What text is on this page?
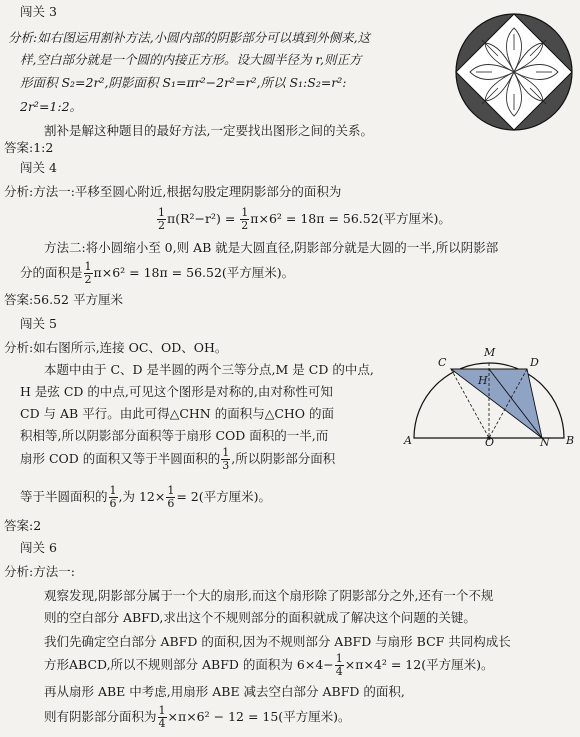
闯关 3
分析:如右图运用割补方法,小圆内部的阴影部分可以填到外侧来,这
样,空白部分就是一个圆的内接正方形。设大圆半径为 r,则正方
形面积 S₂=2r²,阴影面积 S₁=πr²−2r²=r²,所以 S₁:S₂=r²:
2r²=1:2。
割补是解这种题目的最好方法,一定要找出图形之间的关系。
答案:1:2
闯关 4
分析:方法一:平移至圆心附近,根据勾股定理阴影部分的面积为
$\frac{1}{2} \pi(R^2-r^2) = \frac{1}{2} \pi\times 6^2 = 18\pi = 56.52$(平方厘米)。
方法二:将小圆缩小至 0,则 AB 就是大圆直径,阴影部分就是大圆的一半,所以阴影部
分的面积是 $\frac{1}{2} \pi\times 6^2 = 18\pi = 56.52$(平方厘米)。
答案:56.52 平方厘米
闯关 5
分析:如右图所示,连接 OC、OD、OH。
本题中由于 C、D 是半圆的两个三等分点,M 是 CD 的中点,
H 是弦 CD 的中点,可见这个图形是对称的,由对称性可知
CD 与 AB 平行。由此可得△CHN 的面积与△CHO 的面
积相等,所以阴影部分面积等于扇形 COD 面积的一半,而
扇形 COD 的面积又等于半圆面积的 $\frac{1}{3}$ ,所以阴影部分面积
等于半圆面积的 $\frac{1}{6}$ ,为 $12\times \frac{1}{6} = 2$(平方厘米)。
答案:2
C
M
D
H
A	O	N B
闯关 6
分析:方法一:
观察发现,阴影部分属于一个大的扇形,而这个扇形除了阴影部分之外,还有一个不规
则的空白部分 ABFD,求出这个不规则部分的面积就成了解决这个问题的关键。
我们先确定空白部分 ABFD 的面积,因为不规则部分 ABFD 与扇形 BCF 共同构成长
方形ABCD,所以不规则部分 ABFD 的面积为 $6\times 4- \frac{1}{4} \times\pi\times 4^2 = 12$(平方厘米)。
再从扇形 ABE 中考虑,用扇形 ABE 减去空白部分 ABFD 的面积,
则有阴影部分面积为 $\frac{1}{4} \times\pi\times 6^2 - 12 = 15$(平方厘米)。
